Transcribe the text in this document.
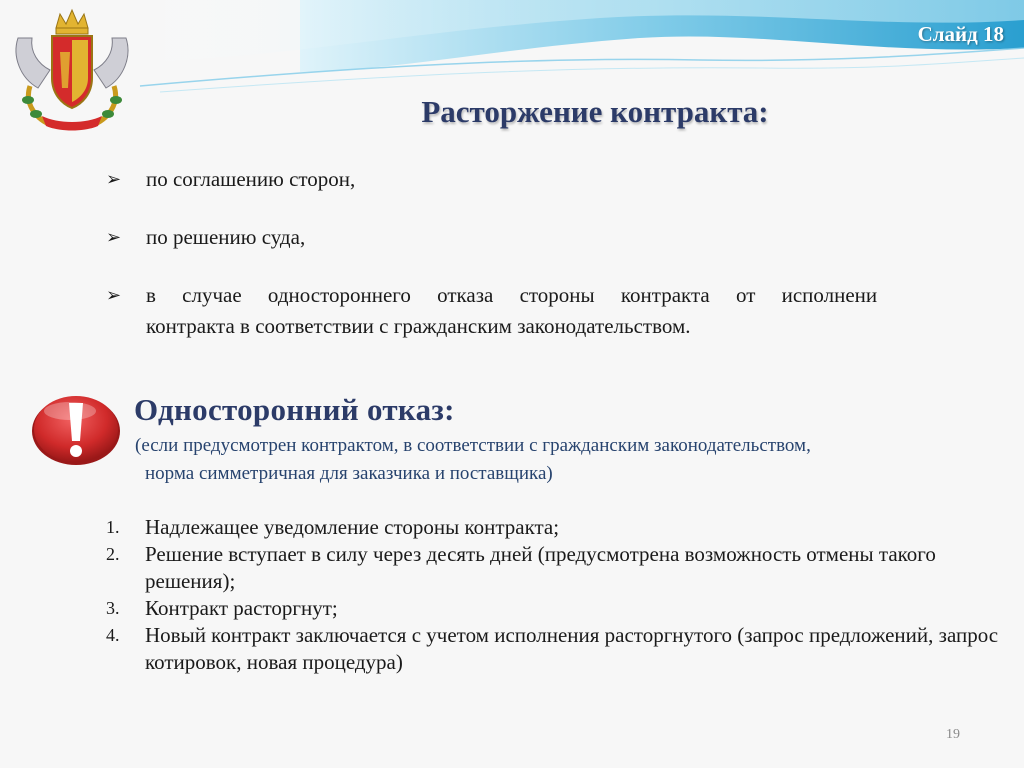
Слайд 18
Расторжение контракта:
➢ по соглашению сторон,
➢ по решению суда,
➢ в случае одностороннего отказа стороны контракта от исполнени
контракта в соответствии с гражданским законодательством.
Односторонний отказ:
(если предусмотрен контрактом, в соответствии с гражданским законодательством,
норма симметричная для заказчика и поставщика)
1. Надлежащее уведомление стороны контракта;
2. Решение вступает в силу через десять дней (предусмотрена возможность отмены такого решения);
3. Контракт расторгнут;
4. Новый контракт заключается с учетом исполнения расторгнутого (запрос предложений, запрос котировок, новая процедура)
19
